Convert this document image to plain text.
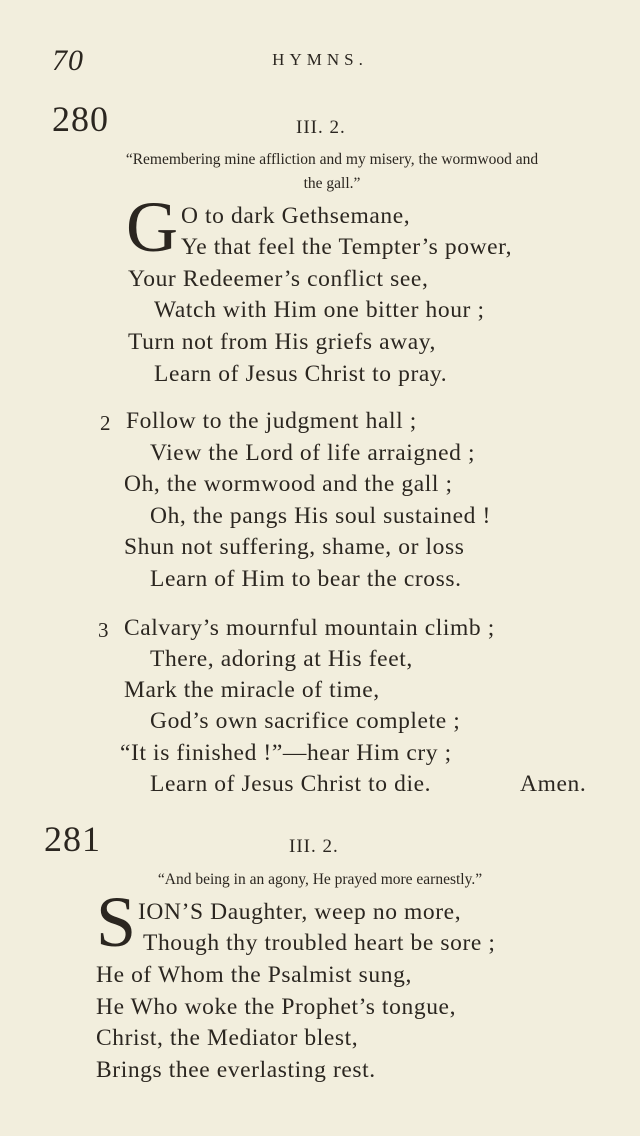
70	HYMNS.
280	III. 2.
“Remembering mine affliction and my misery, the wormwood and
the gall.”
G O to dark Gethsemane,
Ye that feel the Tempter’s power,
Your Redeemer’s conflict see,
Watch with Him one bitter hour ;
Turn not from His griefs away,
Learn of Jesus Christ to pray.
2 Follow to the judgment hall ;
View the Lord of life arraigned ;
Oh, the wormwood and the gall ;
Oh, the pangs His soul sustained !
Shun not suffering, shame, or loss
Learn of Him to bear the cross.
3 Calvary’s mournful mountain climb ;
There, adoring at His feet,
Mark the miracle of time,
God’s own sacrifice complete ;
“It is finished !”—hear Him cry ;
Learn of Jesus Christ to die.	Amen.
281	III. 2.
“And being in an agony, He prayed more earnestly.”
S ION’S Daughter, weep no more,
Though thy troubled heart be sore ;
He of Whom the Psalmist sung,
He Who woke the Prophet’s tongue,
Christ, the Mediator blest,
Brings thee everlasting rest.
